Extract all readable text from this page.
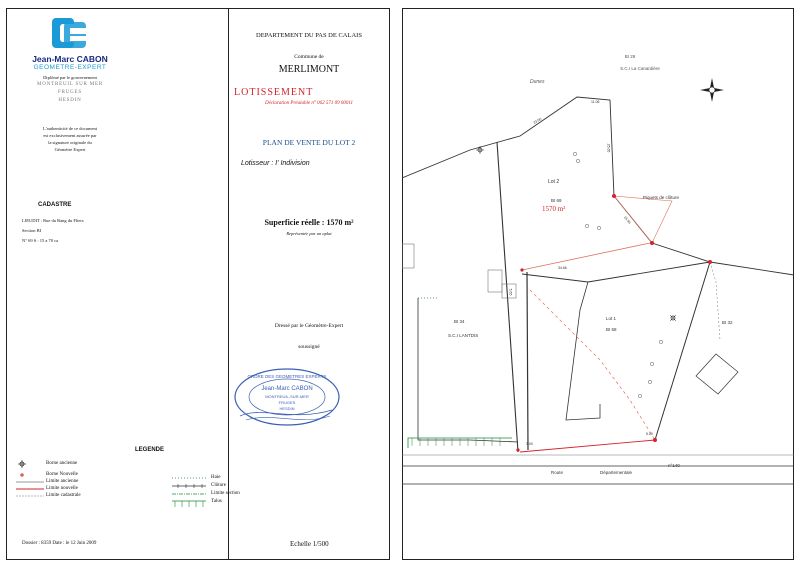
Jean-Marc CABON
GEOMETRE-EXPERT
Diplômé par le gouvernement
MONTREUIL SUR MER
FRUGES
HESDIN
L'authenticité de ce document
est exclusivement assurée par
la signature originale du
Géomètre Expert
DEPARTEMENT DU PAS DE CALAIS
Commune de
MERLIMONT
LOTISSEMENT
Déclaration Préalable n° 062 571 09 00011
PLAN DE VENTE DU LOT 2
Lotisseur : I' Indivision
CADASTRE
LIEUDIT : Rue du Rang du Fliers
Section BI
N° 69 S : 15 a 70 ca
Superficie réelle : 1570 m²
Représentée par un aplat
Dressé par le Géomètre-Expert
soussigné
ORDRE DES GEOMETRES EXPERTS
Jean-Marc CABON
MONTREUIL-SUR-MER
FRUGES
HESDIN
LEGENDE
Borne ancienne
Borne Nouvelle
Limite ancienne
Limite nouvelle
Limite cadastrale
Haie
Clôture
Limite section
Talus
Dossier : 8359 Date : le 12 Juin 2009	Echelle 1/500
BI 29
S.C.I La Canardière
Dunes
Lot 2
BI 69
1570 m²
Piquets de clôture
Lot 1
BI 68
BI 32
BI 34
S.C.I LANTDIS
Route	Départementale
n°140
23.66
11.06
25.65
15.56
34.66
5.65
3.00
5.00
